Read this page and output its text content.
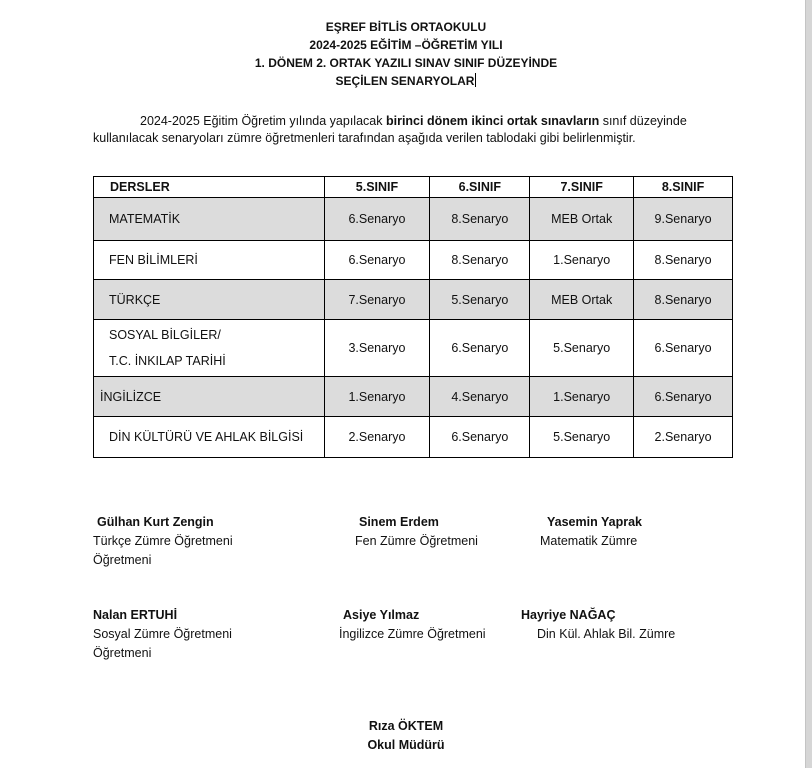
EŞREF BİTLİS ORTAOKULU
2024-2025 EĞİTİM –ÖĞRETİM YILI
1. DÖNEM 2. ORTAK YAZILI SINAV SINIF DÜZEYİNDE
SEÇİLEN SENARYOLAR
2024-2025 Eğitim Öğretim yılında yapılacak birinci dönem ikinci ortak sınavların sınıf düzeyinde kullanılacak senaryoları zümre öğretmenleri tarafından aşağıda verilen tablodaki gibi belirlenmiştir.
DERSLER	5.SINIF	6.SINIF	7.SINIF	8.SINIF
MATEMATİK	6.Senaryo	8.Senaryo	MEB Ortak	9.Senaryo
FEN BİLİMLERİ	6.Senaryo	8.Senaryo	1.Senaryo	8.Senaryo
TÜRKÇE	7.Senaryo	5.Senaryo	MEB Ortak	8.Senaryo

SOSYAL BİLGİLER/
T.C. İNKILAP TARİHİ	3.Senaryo	6.Senaryo	5.Senaryo	6.Senaryo
İNGİLİZCE	1.Senaryo	4.Senaryo	1.Senaryo	6.Senaryo
DİN KÜLTÜRÜ VE AHLAK BİLGİSİ	2.Senaryo	6.Senaryo	5.Senaryo	2.Senaryo
Gülhan Kurt Zengin
Türkçe Zümre Öğretmeni
Öğretmeni
Sinem Erdem
Fen Zümre Öğretmeni
Yasemin Yaprak
Matematik Zümre
Nalan ERTUHİ
Sosyal Zümre Öğretmeni
Öğretmeni
Asiye Yılmaz
İngilizce Zümre Öğretmeni
Hayriye NAĞAÇ
Din Kül. Ahlak Bil. Zümre
Rıza ÖKTEM
Okul Müdürü
